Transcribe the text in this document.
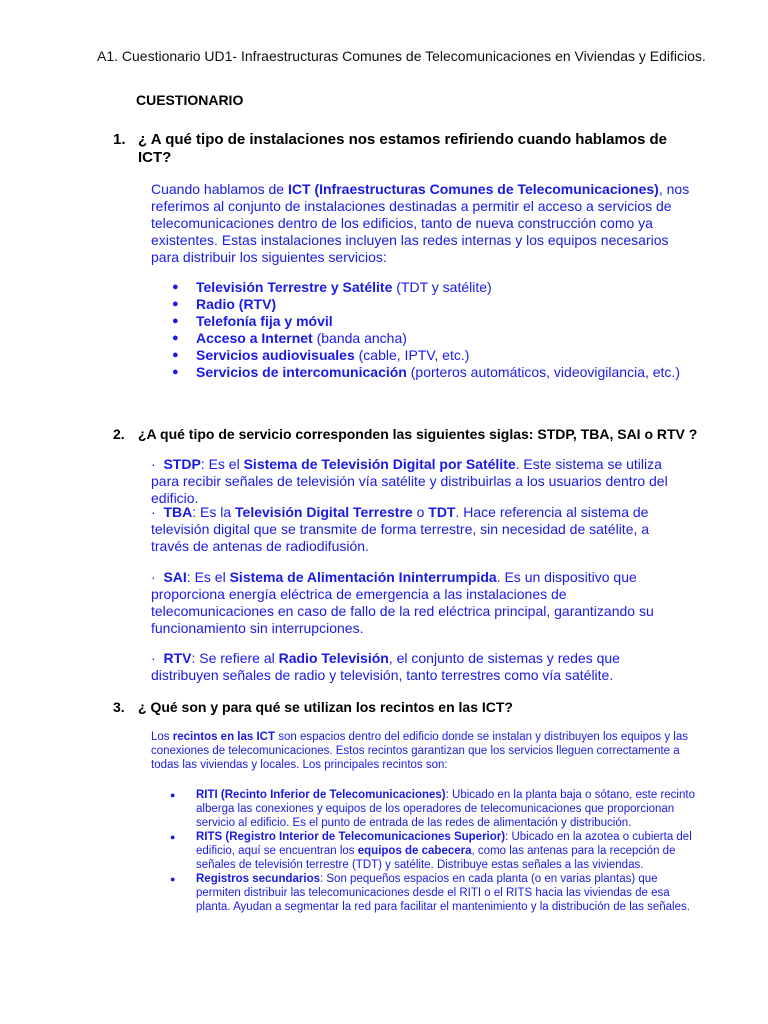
A1. Cuestionario UD1- Infraestructuras Comunes de Telecomunicaciones en Viviendas y Edificios.
CUESTIONARIO
1. ¿ A qué tipo de instalaciones nos estamos refiriendo cuando hablamos de ICT?
Cuando hablamos de ICT (Infraestructuras Comunes de Telecomunicaciones), nos referimos al conjunto de instalaciones destinadas a permitir el acceso a servicios de telecomunicaciones dentro de los edificios, tanto de nueva construcción como ya existentes. Estas instalaciones incluyen las redes internas y los equipos necesarios para distribuir los siguientes servicios:
● Televisión Terrestre y Satélite (TDT y satélite)
● Radio (RTV)
● Telefonía fija y móvil
● Acceso a Internet (banda ancha)
● Servicios audiovisuales (cable, IPTV, etc.)
● Servicios de intercomunicación (porteros automáticos, videovigilancia, etc.)
2. ¿A qué tipo de servicio corresponden las siguientes siglas: STDP, TBA, SAI o RTV ?
· STDP: Es el Sistema de Televisión Digital por Satélite. Este sistema se utiliza para recibir señales de televisión vía satélite y distribuirlas a los usuarios dentro del edificio.
· TBA: Es la Televisión Digital Terrestre o TDT. Hace referencia al sistema de televisión digital que se transmite de forma terrestre, sin necesidad de satélite, a través de antenas de radiodifusión.
· SAI: Es el Sistema de Alimentación Ininterrumpida. Es un dispositivo que proporciona energía eléctrica de emergencia a las instalaciones de telecomunicaciones en caso de fallo de la red eléctrica principal, garantizando su funcionamiento sin interrupciones.
· RTV: Se refiere al Radio Televisión, el conjunto de sistemas y redes que distribuyen señales de radio y televisión, tanto terrestres como vía satélite.
3. ¿ Qué son y para qué se utilizan los recintos en las ICT?
Los recintos en las ICT son espacios dentro del edificio donde se instalan y distribuyen los equipos y las conexiones de telecomunicaciones. Estos recintos garantizan que los servicios lleguen correctamente a todas las viviendas y locales. Los principales recintos son:
● RITI (Recinto Inferior de Telecomunicaciones): Ubicado en la planta baja o sótano, este recinto alberga las conexiones y equipos de los operadores de telecomunicaciones que proporcionan servicio al edificio. Es el punto de entrada de las redes de alimentación y distribución.
● RITS (Registro Interior de Telecomunicaciones Superior): Ubicado en la azotea o cubierta del edificio, aquí se encuentran los equipos de cabecera, como las antenas para la recepción de señales de televisión terrestre (TDT) y satélite. Distribuye estas señales a las viviendas.
● Registros secundarios: Son pequeños espacios en cada planta (o en varias plantas) que permiten distribuir las telecomunicaciones desde el RITI o el RITS hacia las viviendas de esa planta. Ayudan a segmentar la red para facilitar el mantenimiento y la distribución de las señales.
